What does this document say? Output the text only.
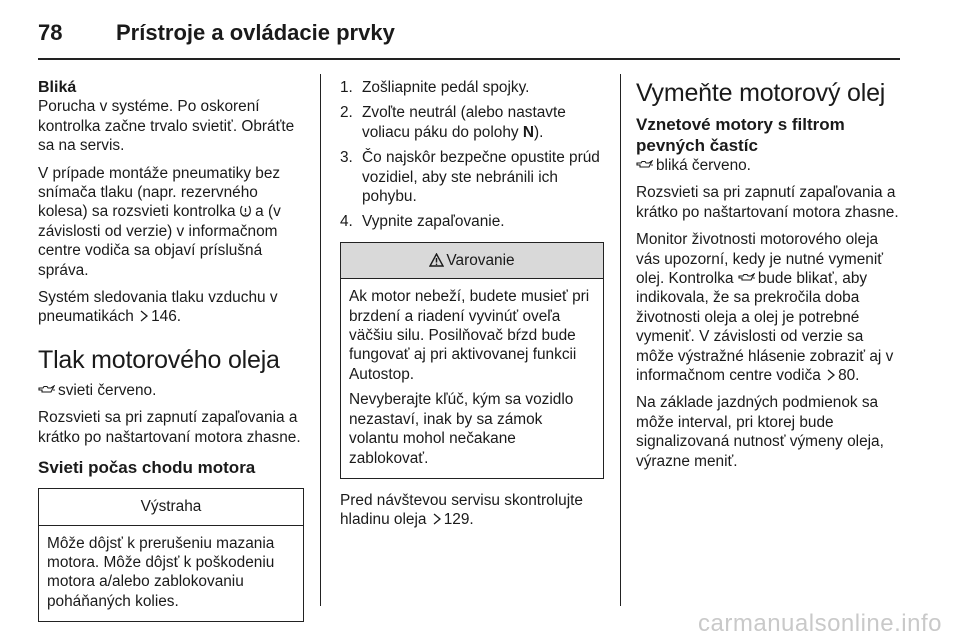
78 Prístroje a ovládacie prvky
Bliká

Porucha v systéme. Po oskorení kontrolka začne trvalo svietiť. Obráťte sa na servis.

V prípade montáže pneumatiky bez snímača tlaku (napr. rezervného kolesa) sa rozsvieti kontrolka a (v závislosti od verzie) v informačnom centre vodiča sa objaví príslušná správa.

Systém sledovania tlaku vzduchu v pneumatikách 146.

Tlak motorového oleja

svieti červeno.

Rozsvieti sa pri zapnutí zapaľovania a krátko po naštartovaní motora zhasne.

Svieti počas chodu motora
Výstraha

Môže dôjsť k prerušeniu mazania motora. Môže dôjsť k poškodeniu motora a/alebo zablokovaniu poháňaných kolies.

1. Zošliapnite pedál spojky.
2. Zvoľte neutrál (alebo nastavte voliacu páku do polohy N).
3. Čo najskôr bezpečne opustite prúd vozidiel, aby ste nebránili ich pohybu.
4. Vypnite zapaľovanie.
Varovanie

Ak motor nebeží, budete musieť pri brzdení a riadení vyvinúť oveľa väčšiu silu. Posilňovač bŕzd bude fungovať aj pri aktivovanej funkcii Autostop.

Nevyberajte kľúč, kým sa vozidlo nezastaví, inak by sa zámok volantu mohol nečakane zablokovať.

Pred návštevou servisu skontrolujte hladinu oleja 129.

Vymeňte motorový olej
Vznetové motory s filtrom pevných častíc

bliká červeno.

Rozsvieti sa pri zapnutí zapaľovania a krátko po naštartovaní motora zhasne.

Monitor životnosti motorového oleja vás upozorní, kedy je nutné vymeniť olej. Kontrolka bude blikať, aby indikovala, že sa prekročila doba životnosti oleja a olej je potrebné vymeniť. V závislosti od verzie sa môže výstražné hlásenie zobraziť aj v informačnom centre vodiča 80.

Na základe jazdných podmienok sa môže interval, pri ktorej bude signalizovaná nutnosť výmeny oleja, výrazne meniť.

carmanualsonline.info
